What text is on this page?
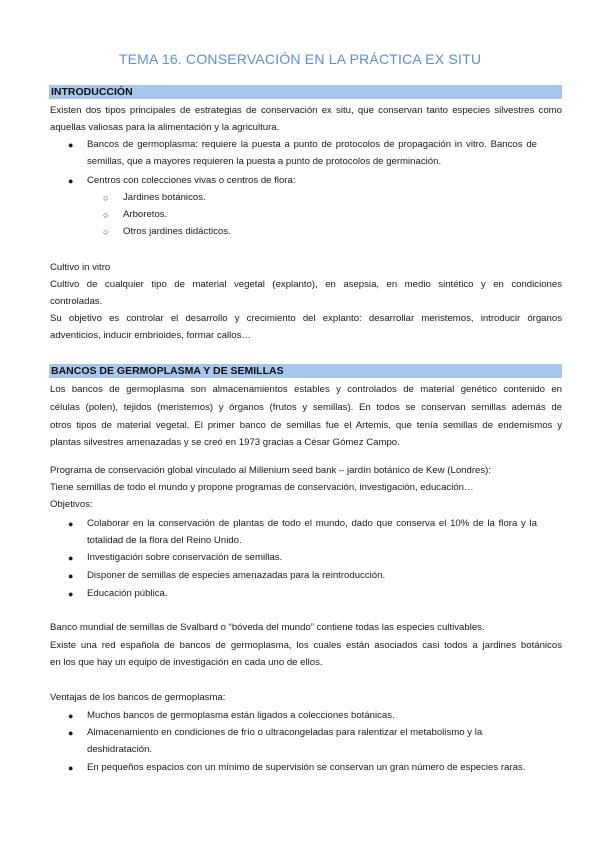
TEMA 16. CONSERVACIÓN EN LA PRÁCTICA EX SITU
INTRODUCCIÓN
Existen dos tipos principales de estrategias de conservación ex situ, que conservan tanto especies silvestres como
aquellas valiosas para la alimentación y la agricultura.
● Bancos de germoplasma: requiere la puesta a punto de protocolos de propagación in vitro. Bancos de
semillas, que a mayores requieren la puesta a punto de protocolos de germinación.
● Centros con colecciones vivas o centros de flora:
○ Jardines botánicos.
○ Arboretos.
○ Otros jardines didácticos.
Cultivo in vitro
Cultivo de cualquier tipo de material vegetal (explanto), en asepsia, en medio sintético y en condiciones
controladas.
Su objetivo es controlar el desarrollo y crecimiento del explanto: desarrollar meristemos, introducir órganos
adventicios, inducir embrioides, formar callos…
BANCOS DE GERMOPLASMA Y DE SEMILLAS
Los bancos de germoplasma son almacenamientos estables y controlados de material genético contenido en
células (polen), tejidos (meristemos) y órganos (frutos y semillas). En todos se conservan semillas además de
otros tipos de material vegetal. El primer banco de semillas fue el Artemis, que tenía semillas de endemismos y
plantas silvestres amenazadas y se creó en 1973 gracias a César Gómez Campo.
Programa de conservación global vinculado al Millenium seed bank – jardín botánico de Kew (Londres):
Tiene semillas de todo el mundo y propone programas de conservación, investigación, educación…
Objetivos:
● Colaborar en la conservación de plantas de todo el mundo, dado que conserva el 10% de la flora y la
totalidad de la flora del Reino Unido.
● Investigación sobre conservación de semillas.
● Disponer de semillas de especies amenazadas para la reintroducción.
● Educación pública.
Banco mundial de semillas de Svalbard o “bóveda del mundo” contiene todas las especies cultivables.
Existe una red española de bancos de germoplasma, los cuales están asociados casi todos a jardines botánicos
en los que hay un equipo de investigación en cada uno de ellos.
Ventajas de los bancos de germoplasma:
● Muchos bancos de germoplasma están ligados a colecciones botánicas.
● Almacenamiento en condiciones de frío o ultracongeladas para ralentizar el metabolismo y la
deshidratación.
● En pequeños espacios con un mínimo de supervisión se conservan un gran número de especies raras.
